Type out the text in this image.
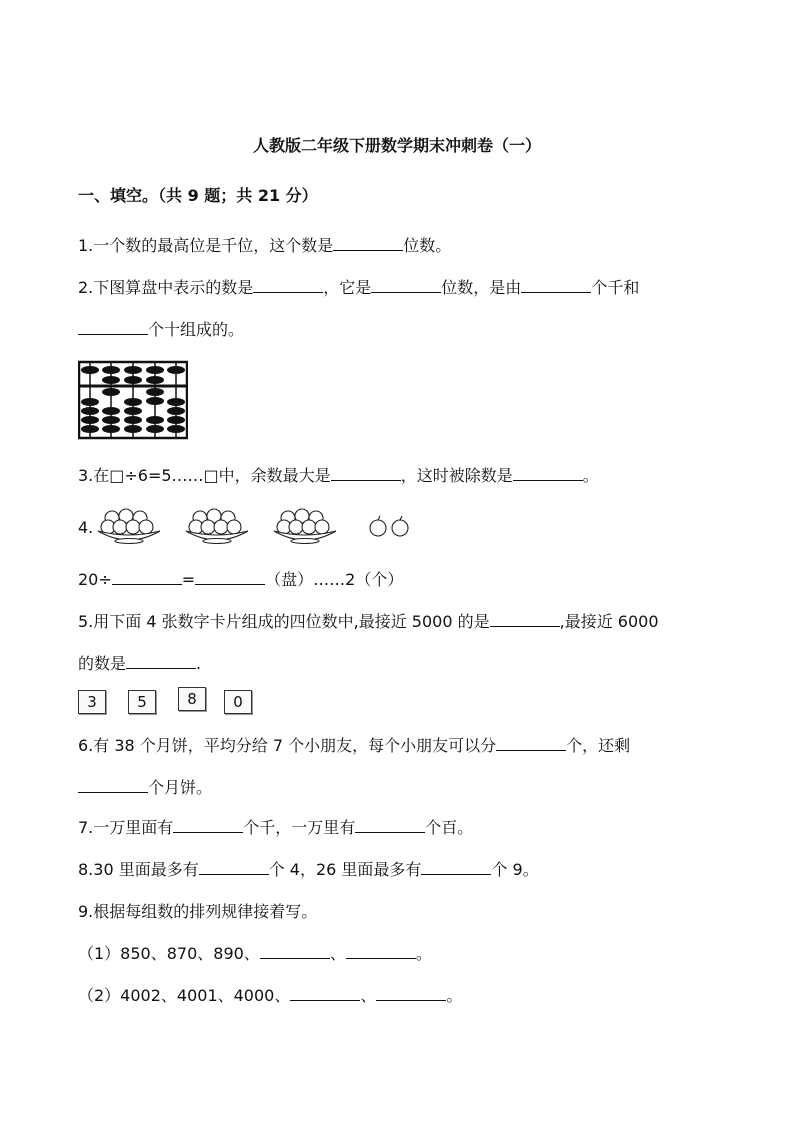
人教版二年级下册数学期末冲刺卷（一）
一、填空。（共 9 题；共 21 分）
1.一个数的最高位是千位，这个数是	位数。
2.下图算盘中表示的数是	，它是	位数，是由	个千和
个十组成的。
3.在□÷6=5……□中，余数最大是	，这时被除数是	。
4.
20÷	=	（盘）……2（个）
5.用下面 4 张数字卡片组成的四位数中,最接近 5000 的是	,最接近 6000
的数是	.
3	5	8	0
6.有 38 个月饼，平均分给 7 个小朋友，每个小朋友可以分	个，还剩
个月饼。
7.一万里面有	个千，一万里有	个百。
8.30 里面最多有	个 4，26 里面最多有	个 9。
9.根据每组数的排列规律接着写。
（1）850、870、890、	、	。
（2）4002、4001、4000、	、	。
